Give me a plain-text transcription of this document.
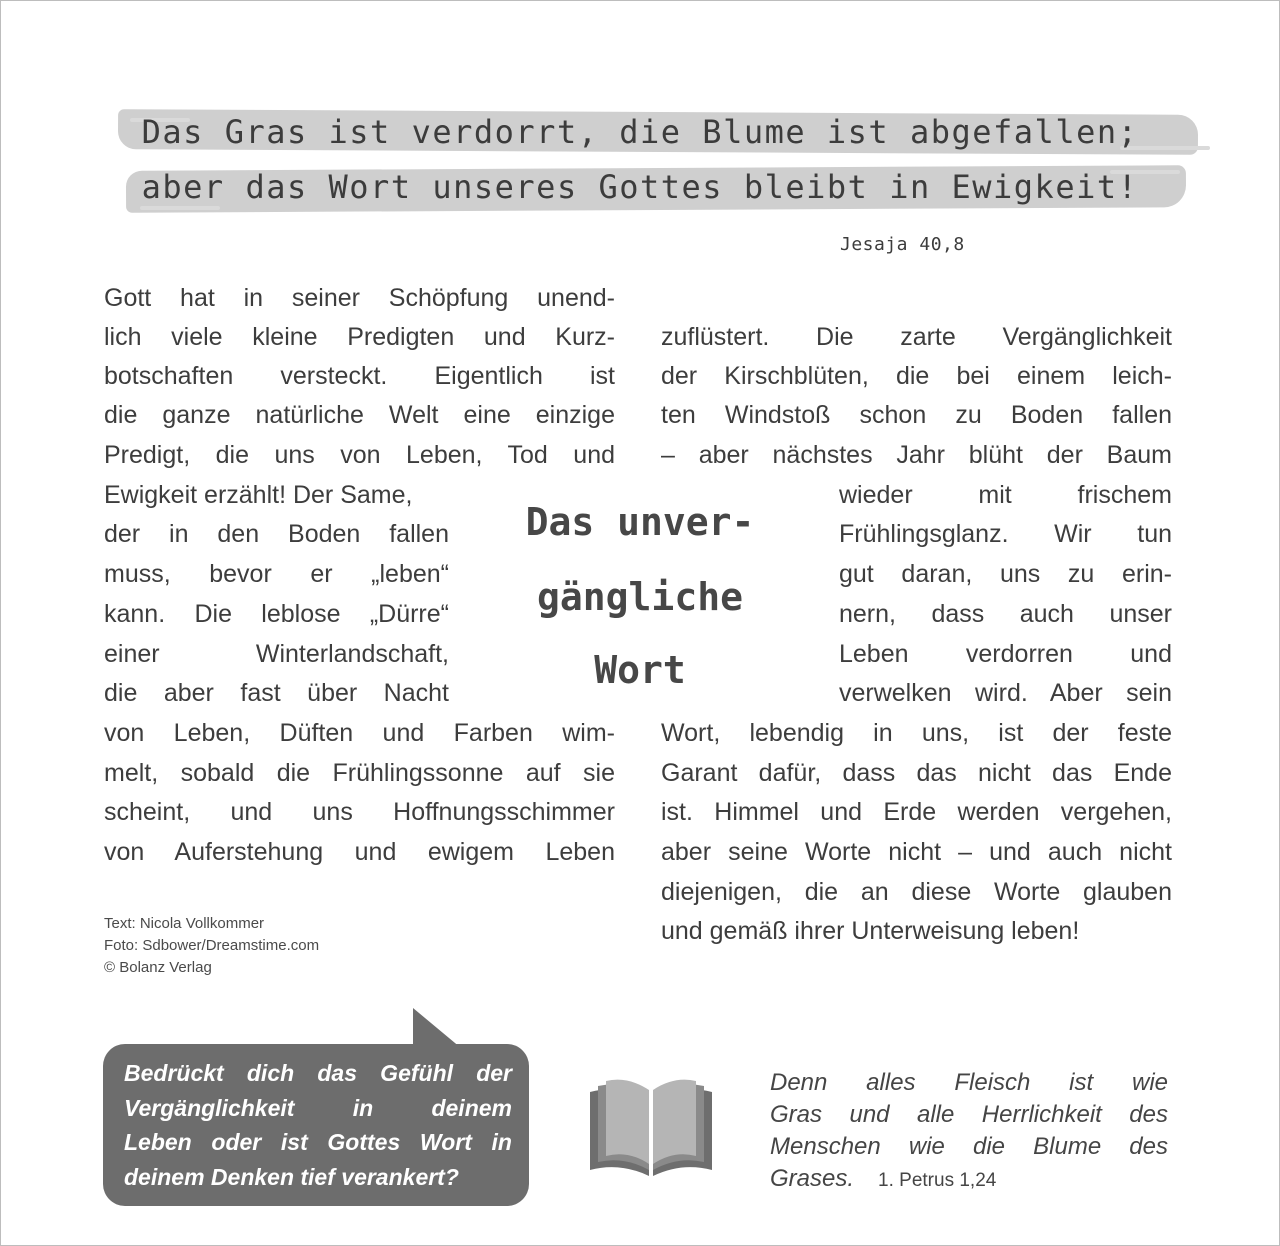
Das Gras ist verdorrt, die Blume ist abgefallen;
aber das Wort unseres Gottes bleibt in Ewigkeit!
Jesaja 40,8
Gott hat in seiner Schöpfung unend-
lich viele kleine Predigten und Kurz-
botschaften versteckt. Eigentlich ist
die ganze natürliche Welt eine einzige
Predigt, die uns von Leben, Tod und
Ewigkeit erzählt! Der Same,
der in den Boden fallen
muss, bevor er „leben“
kann. Die leblose „Dürre“
einer Winterlandschaft,
die aber fast über Nacht
von Leben, Düften und Farben wim-
melt, sobald die Frühlingssonne auf sie
scheint, und uns Hoffnungsschimmer
von Auferstehung und ewigem Leben
Das unver-
gängliche
Wort
zuflüstert. Die zarte Vergänglichkeit
der Kirschblüten, die bei einem leich-
ten Windstoß schon zu Boden fallen
– aber nächstes Jahr blüht der Baum
wieder mit frischem
Frühlingsglanz. Wir tun
gut daran, uns zu erin-
nern, dass auch unser
Leben verdorren und
verwelken wird. Aber sein
Wort, lebendig in uns, ist der feste
Garant dafür, dass das nicht das Ende
ist. Himmel und Erde werden vergehen,
aber seine Worte nicht – und auch nicht
diejenigen, die an diese Worte glauben
und gemäß ihrer Unterweisung leben!
Text: Nicola Vollkommer
Foto: Sdbower/Dreamstime.com
© Bolanz Verlag
Bedrückt dich das Gefühl der
Vergänglichkeit in deinem
Leben oder ist Gottes Wort in
deinem Denken tief verankert?
Denn alles Fleisch ist wie
Gras und alle Herrlichkeit des
Menschen wie die Blume des
Grases. 1. Petrus 1,24
